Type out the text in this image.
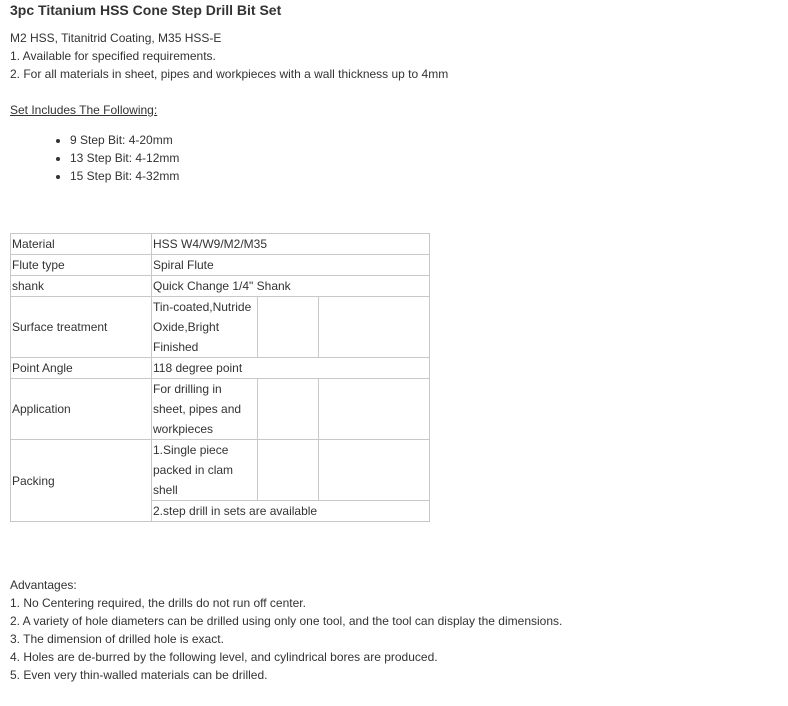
3pc Titanium HSS Cone Step Drill Bit Set
M2 HSS, Titanitrid Coating, M35 HSS-E
1. Available for specified requirements.
2. For all materials in sheet, pipes and workpieces with a wall thickness up to 4mm
Set Includes The Following:
• 9 Step Bit: 4-20mm
• 13 Step Bit: 4-12mm
• 15 Step Bit: 4-32mm
Material	HSS W4/W9/M2/M35		
Flute type	Spiral Flute		
shank	Quick Change 1/4" Shank		
Surface treatment	Tin-coated,Nutride Oxide,Bright Finished		
Point Angle	118 degree point		
Application	For drilling in sheet, pipes and workpieces		
Packing	1.Single piece packed in clam shell		
	2.step drill in sets are available		
Advantages:
1. No Centering required, the drills do not run off center.
2. A variety of hole diameters can be drilled using only one tool, and the tool can display the dimensions.
3. The dimension of drilled hole is exact.
4. Holes are de-burred by the following level, and cylindrical bores are produced.
5. Even very thin-walled materials can be drilled.
